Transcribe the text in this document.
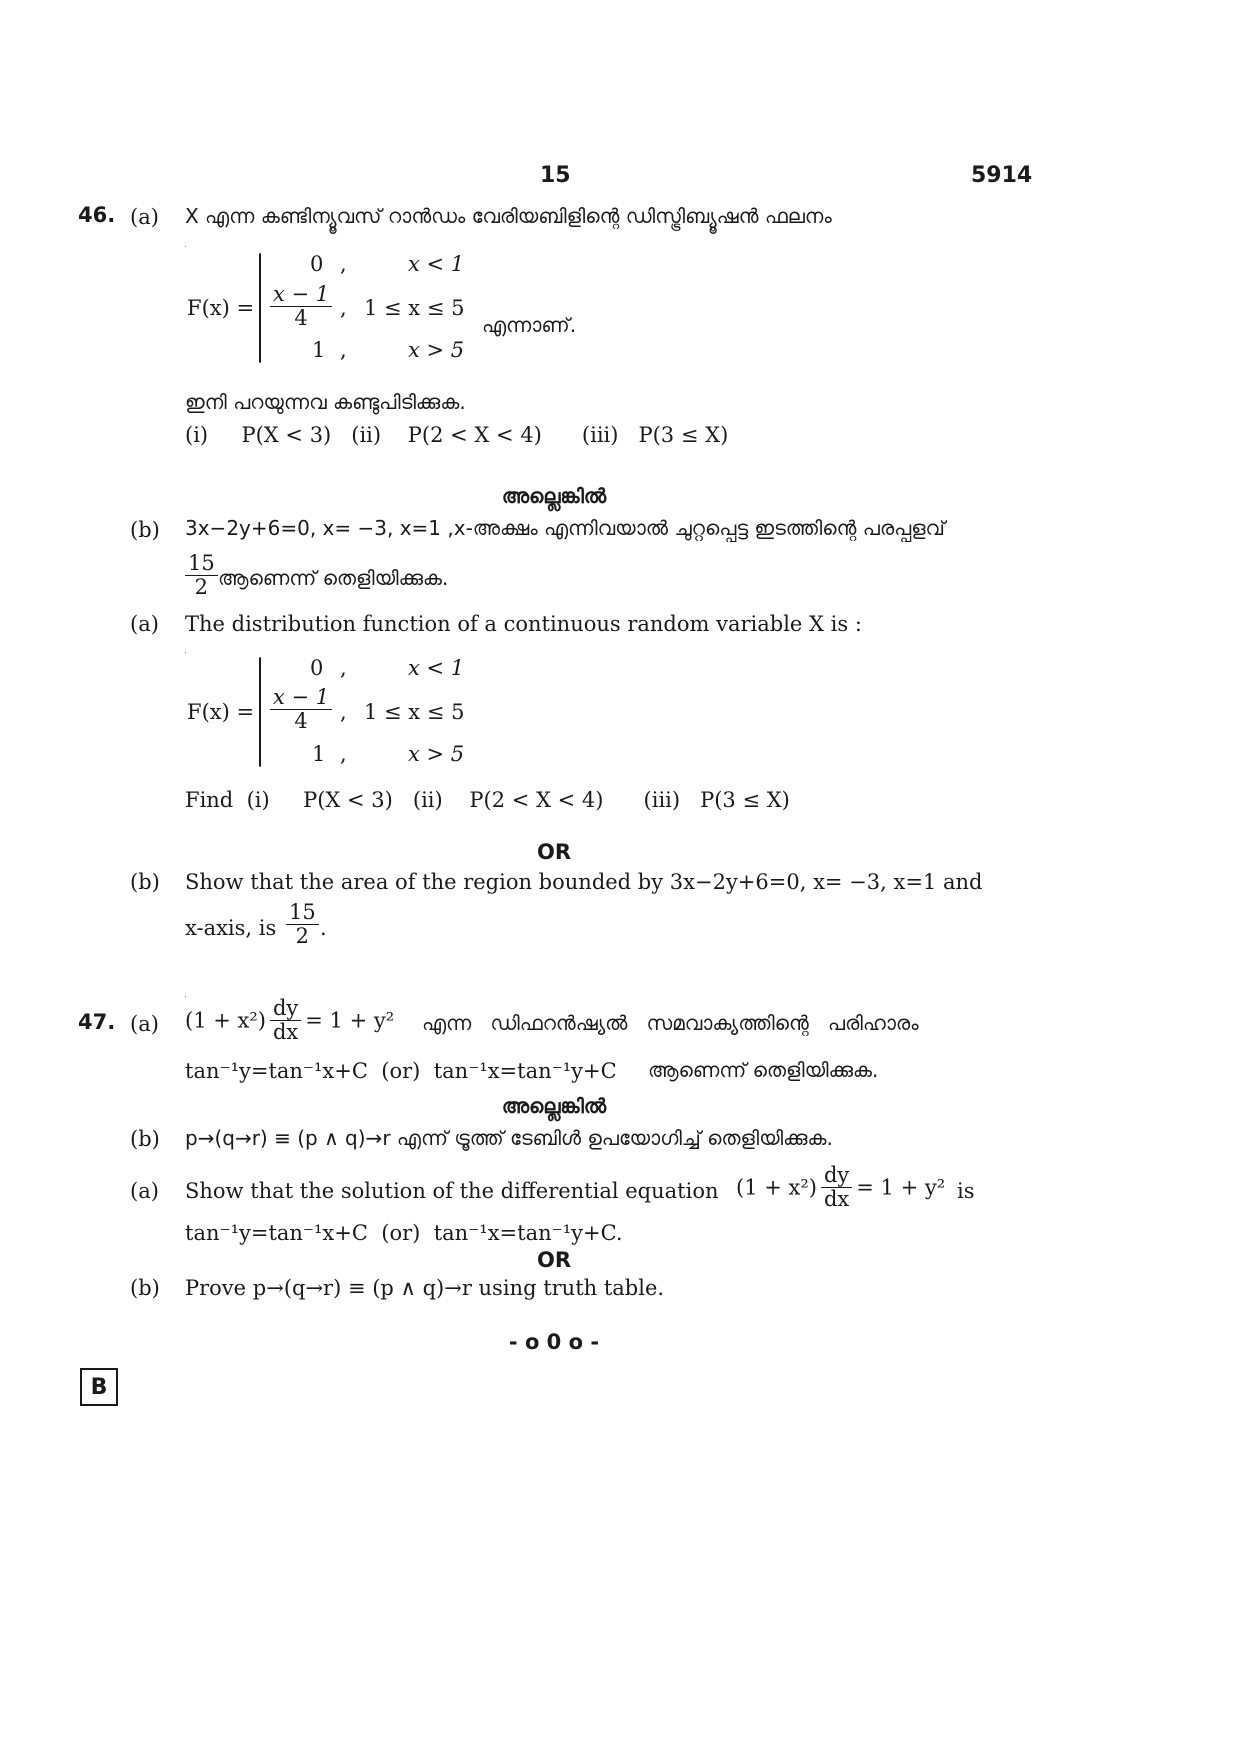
15	5914
46. (a) X എന്ന കണ്ടിന്യൂവസ് റാൻഡം വേരിയബിളിന്റെ ഡിസ്ട്രിബ്യൂഷൻ ഫലനം
F(x) =
0 ,	x < 1
$\frac{x - 1}{4}$ , 1 ≤ x ≤ 5
എന്നാണ്.
1 ,	x > 5
ഇനി പറയുന്നവ കണ്ടുപിടിക്കുക.
(i)     P(X < 3)   (ii)    P(2 < X < 4)      (iii)   P(3 ≤ X)
അല്ലെങ്കിൽ
(b) 3x−2y+6=0, x= −3, x=1 ,x-അക്ഷം എന്നിവയാൽ ചുറ്റപ്പെട്ട ഇടത്തിന്റെ പരപ്പളവ്
$\frac{15}{2}$ ആണെന്ന് തെളിയിക്കുക.
(a) The distribution function of a continuous random variable X is :
F(x) =
0 ,	x < 1
$\frac{x - 1}{4}$ , 1 ≤ x ≤ 5
1 ,	x > 5
Find  (i)     P(X < 3)   (ii)    P(2 < X < 4)      (iii)   P(3 ≤ X)
OR
(b) Show that the area of the region bounded by 3x−2y+6=0, x= −3, x=1 and
x-axis, is $\frac{15}{2}$ .
47. (a) $(1 + x^2) \frac{dy}{dx} = 1 + y^2$ എന്ന   ഡിഫറൻഷ്യൽ   സമവാക്യത്തിന്റെ   പരിഹാരം
tan⁻¹y=tan⁻¹x+C  (or)  tan⁻¹x=tan⁻¹y+C ആണെന്ന് തെളിയിക്കുക.
അല്ലെങ്കിൽ
(b) p→(q→r) ≡ (p ∧ q)→r എന്ന് ട്രൂത്ത് ടേബിൾ ഉപയോഗിച്ച് തെളിയിക്കുക.
(a) Show that the solution of the differential equation $(1 + x^2) \frac{dy}{dx} = 1 + y^2$ is
tan⁻¹y=tan⁻¹x+C  (or)  tan⁻¹x=tan⁻¹y+C.
OR
(b) Prove p→(q→r) ≡ (p ∧ q)→r using truth table.
- o 0 o -
B
